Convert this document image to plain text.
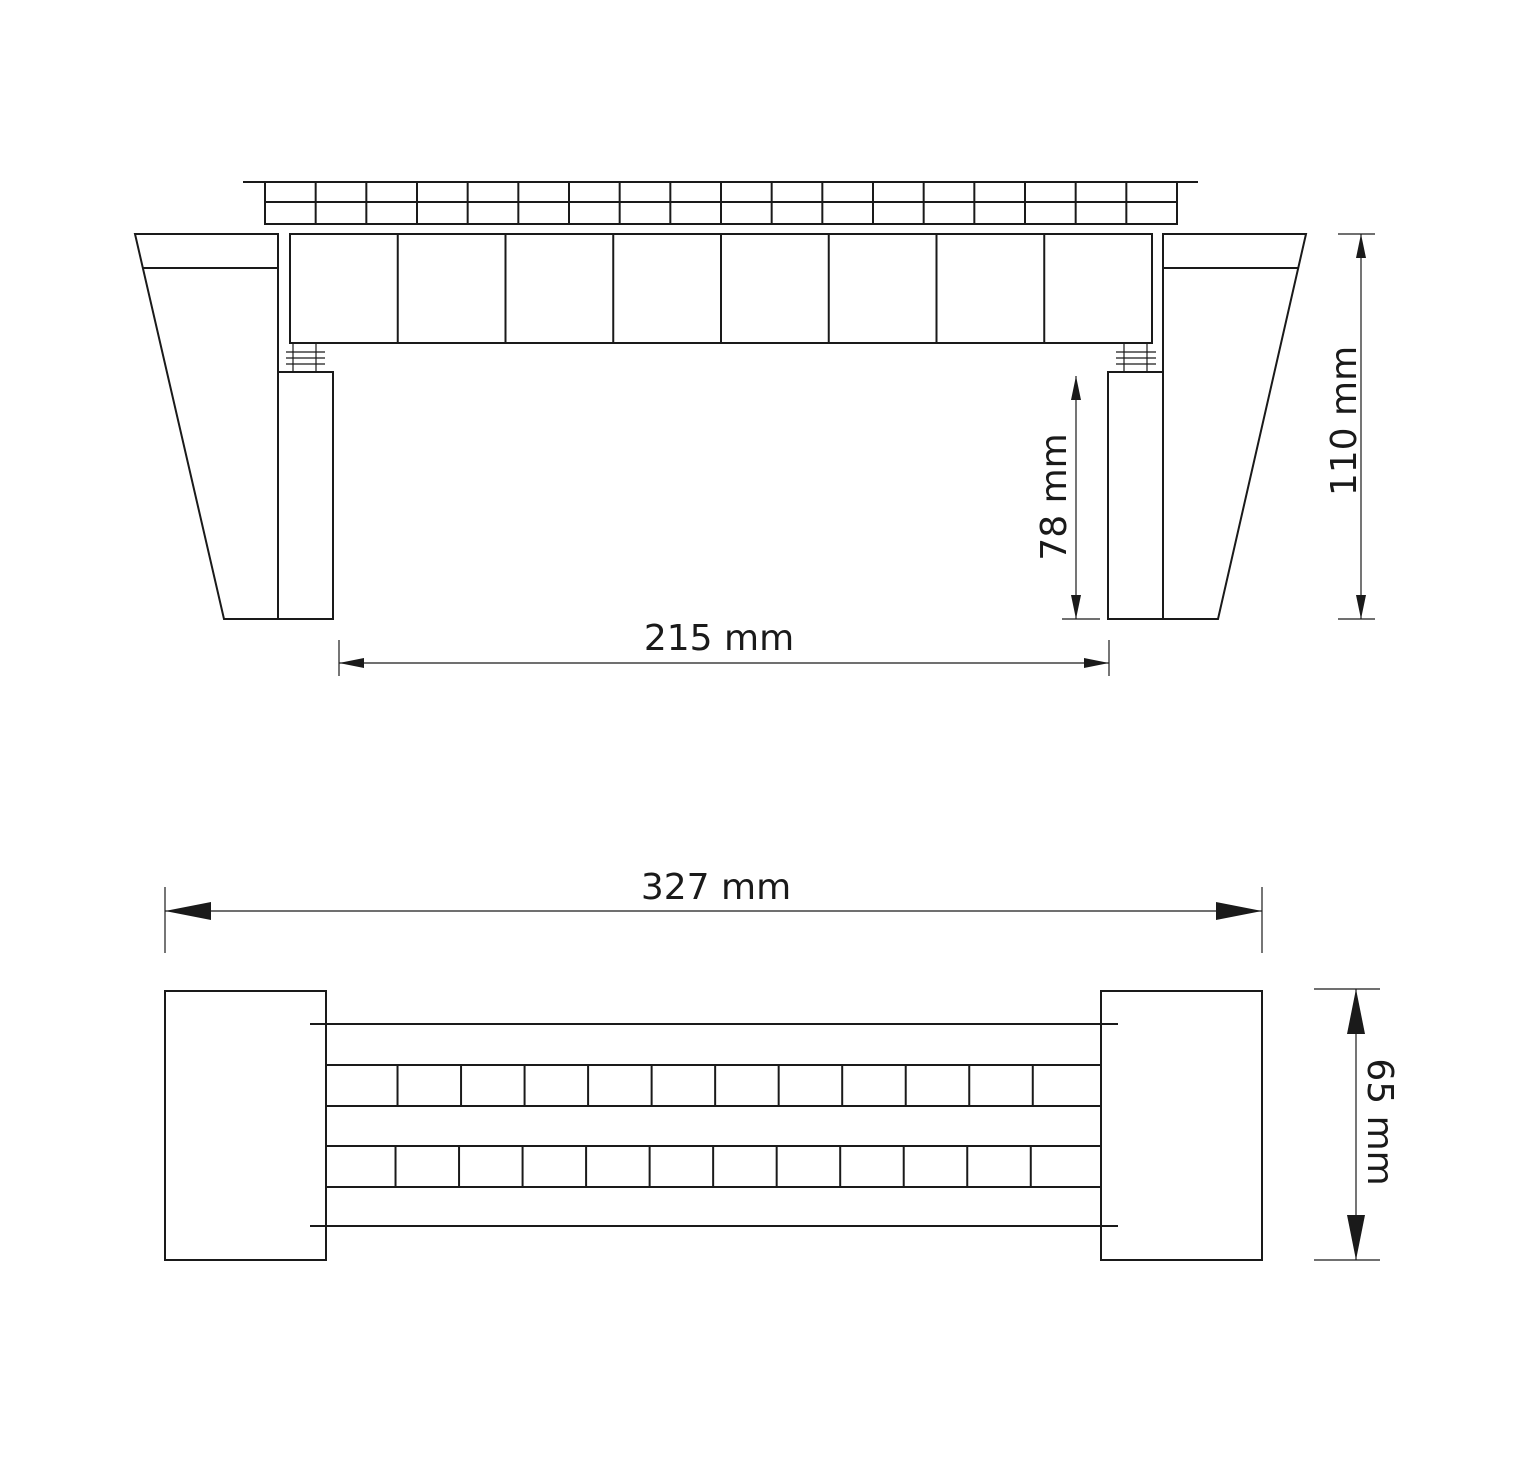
215 mm
78 mm
110 mm
327 mm
65 mm
